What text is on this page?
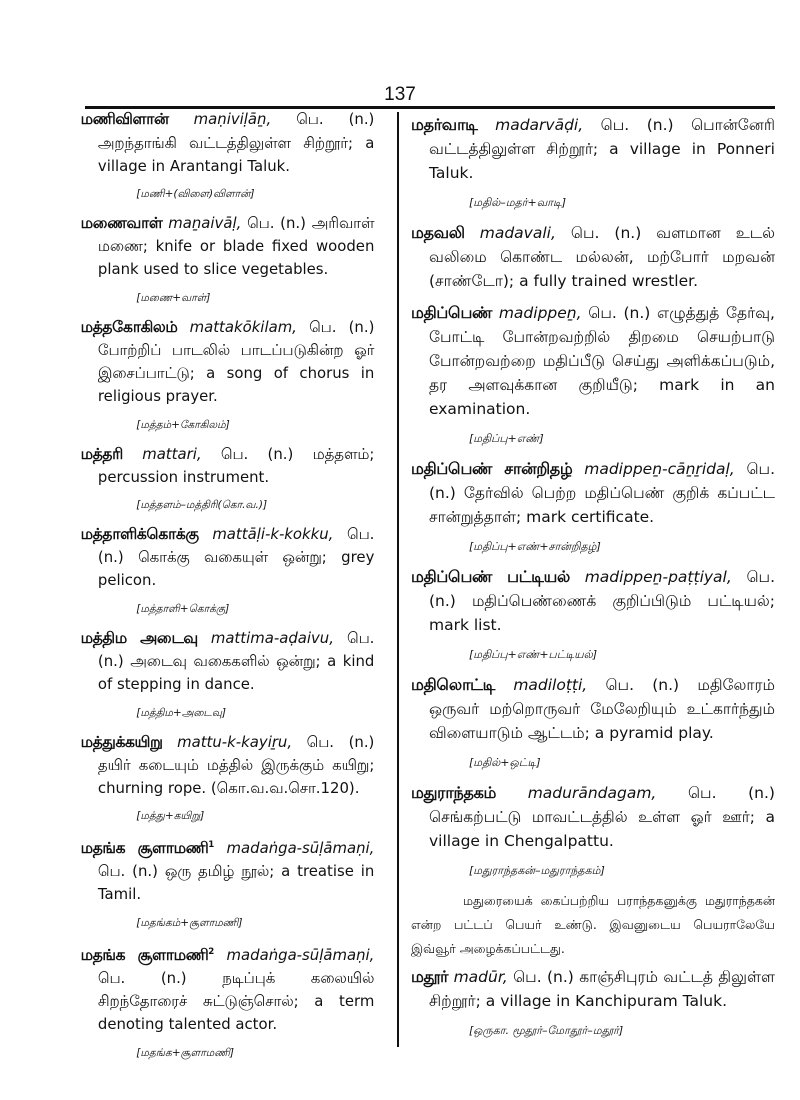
137
மணிவிளான் maṇiviḷāṉ, பெ. (n.) அறந்தாங்கி வட்டத்திலுள்ள சிற்றூர்; a village in Arantangi Taluk.
[மணி+(விளை)விளான்]
மணைவாள் maṉaivāḷ, பெ. (n.) அரிவாள் மணை; knife or blade fixed wooden plank used to slice vegetables.
[மணை+வாள்]
மத்தகோகிலம் mattakōkilam, பெ. (n.) போற்றிப் பாடலில் பாடப்படுகின்ற ஓர் இசைப்பாட்டு; a song of chorus in religious prayer.
[மத்தம்+கோகிலம்]
மத்தரி mattari, பெ. (n.) மத்தளம்; percussion instrument.
[மத்தளம்–மத்திரி(கொ.வ.)]
மத்தாளிக்கொக்கு mattāḷi-k-kokku, பெ. (n.) கொக்கு வகையுள் ஒன்று; grey pelicon.
[மத்தாளி+கொக்கு]
மத்திம அடைவு mattima-aḍaivu, பெ. (n.) அடைவு வகைகளில் ஒன்று; a kind of stepping in dance.
[மத்திம+அடைவு]
மத்துக்கயிறு mattu-k-kayiṟu, பெ. (n.) தயிர் கடையும் மத்தில் இருக்கும் கயிறு; churning rope. (கொ.வ.வ.சொ.120).
[மத்து+கயிறு]
மதங்க சூளாமணி$^1$ madaṅga-sūḷāmaṇi, பெ. (n.) ஒரு தமிழ் நூல்; a treatise in Tamil.
[மதங்கம்+சூளாமணி]
மதங்க சூளாமணி$^2$ madaṅga-sūḷāmaṇi, பெ. (n.) நடிப்புக் கலையில் சிறந்தோரைச் சுட்டுஞ்சொல்; a term denoting talented actor.
[மதங்க+சூளாமணி]
மதர்வாடி madarvāḍi, பெ. (n.) பொன்னேரி வட்டத்திலுள்ள சிற்றூர்; a village in Ponneri Taluk.
[மதில்–மதர்+வாடி]
மதவலி madavali, பெ. (n.) வளமான உடல் வலிமை கொண்ட மல்லன், மற்போர் மறவன் (சாண்டோ); a fully trained wrestler.
மதிப்பெண் madippeṉ, பெ. (n.) எழுத்துத் தேர்வு, போட்டி போன்றவற்றில் திறமை செயற்பாடு போன்றவற்றை மதிப்பீடு செய்து அளிக்கப்படும், தர அளவுக்கான குறியீடு; mark in an examination.
[மதிப்பு+எண்]
மதிப்பெண் சான்றிதழ் madippeṉ-cāṉṟidaḷ, பெ. (n.) தேர்வில் பெற்ற மதிப்பெண் குறிக் கப்பட்ட சான்றுத்தாள்; mark certificate.
[மதிப்பு+எண்+சான்றிதழ்]
மதிப்பெண் பட்டியல் madippeṉ-paṭṭiyal, பெ. (n.) மதிப்பெண்ணைக் குறிப்பிடும் பட்டியல்; mark list.
[மதிப்பு+எண்+பட்டியல்]
மதிலொட்டி madiloṭṭi, பெ. (n.) மதிலோரம் ஒருவர் மற்றொருவர் மேலேறியும் உட்கார்ந்தும் விளையாடும் ஆட்டம்; a pyramid play.
[மதில்+ஒட்டி]
மதுராந்தகம் madurāndagam, பெ. (n.) செங்கற்பட்டு மாவட்டத்தில் உள்ள ஓர் ஊர்; a village in Chengalpattu.
[மதுராந்தகன்–மதுராந்தகம்]
மதுரையைக் கைப்பற்றிய பராந்தகனுக்கு மதுராந்தகன் என்ற பட்டப் பெயர் உண்டு. இவனுடைய பெயராலேயே இவ்வூர் அழைக்கப்பட்டது.
மதூர் madūr, பெ. (n.) காஞ்சிபுரம் வட்டத் திலுள்ள சிற்றூர்; a village in Kanchipuram Taluk.
[ஒருகா. மூதூர்–மோதூர்–மதூர்]
